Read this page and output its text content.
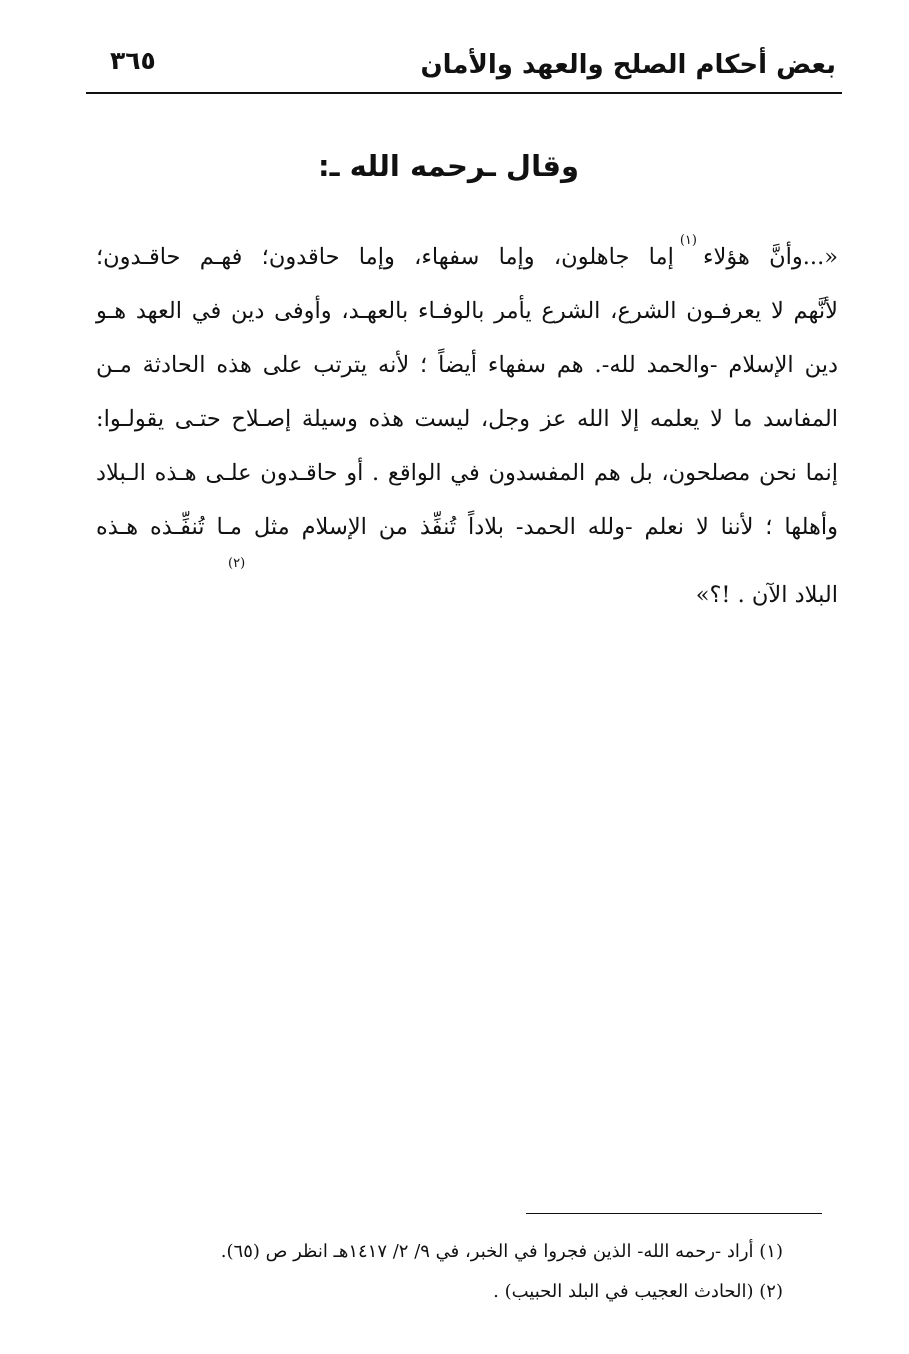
بعض أحكام الصلح والعهد والأمان
٣٦٥
وقال ـرحمه الله ـ:
«...وأنَّ هؤلاء$^{(١)}$إما جاهلون، وإما سفهاء، وإما حاقدون؛ فهـم حاقـدون؛
لأنَّهم لا يعرفـون الشرع، الشرع يأمر بالوفـاء بالعهـد، وأوفى دين في العهد هـو
دين الإسلام -والحمد لله-. هم سفهاء أيضاً ؛ لأنه يترتب على هذه الحادثة مـن
المفاسد ما لا يعلمه إلا الله عز وجل، ليست هذه وسيلة إصـلاح حتـى يقولـوا:
إنما نحن مصلحون، بل هم المفسدون في الواقع . أو حاقـدون علـى هـذه الـبلاد
وأهلها ؛ لأننا لا نعلم -ولله الحمد- بلاداً تُنفِّذ من الإسلام مثل مـا تُنفِّـذه هـذه
البلاد الآن . !؟»
(٢)
(١) أراد -رحمه الله- الذين فجروا في الخبر، في ٩/ ٢/ ١٤١٧هـ انظر ص (٦٥).
(٢) (الحادث العجيب في البلد الحبيب) .
